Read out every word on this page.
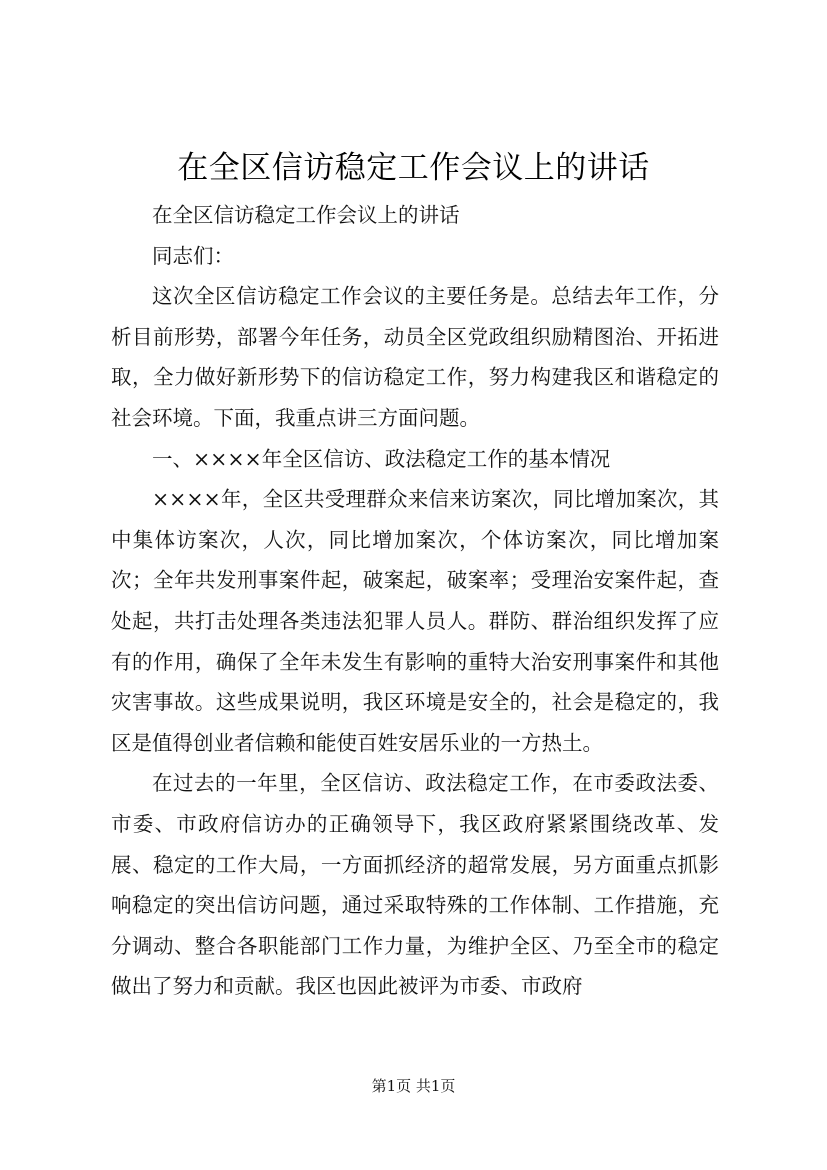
在全区信访稳定工作会议上的讲话

在全区信访稳定工作会议上的讲话

同志们：

这次全区信访稳定工作会议的主要任务是。总结去年工作，分析目前形势，部署今年任务，动员全区党政组织励精图治、开拓进取，全力做好新形势下的信访稳定工作，努力构建我区和谐稳定的社会环境。下面，我重点讲三方面问题。

一、××××年全区信访、政法稳定工作的基本情况

××××年，全区共受理群众来信来访案次，同比增加案次，其中集体访案次，人次，同比增加案次，个体访案次，同比增加案次；全年共发刑事案件起，破案起，破案率；受理治安案件起，查处起，共打击处理各类违法犯罪人员人。群防、群治组织发挥了应有的作用，确保了全年未发生有影响的重特大治安刑事案件和其他灾害事故。这些成果说明，我区环境是安全的，社会是稳定的，我区是值得创业者信赖和能使百姓安居乐业的一方热土。

在过去的一年里，全区信访、政法稳定工作，在市委政法委、市委、市政府信访办的正确领导下，我区政府紧紧围绕改革、发展、稳定的工作大局，一方面抓经济的超常发展，另方面重点抓影响稳定的突出信访问题，通过采取特殊的工作体制、工作措施，充分调动、整合各职能部门工作力量，为维护全区、乃至全市的稳定做出了努力和贡献。我区也因此被评为市委、市政府

第1页 共1页
